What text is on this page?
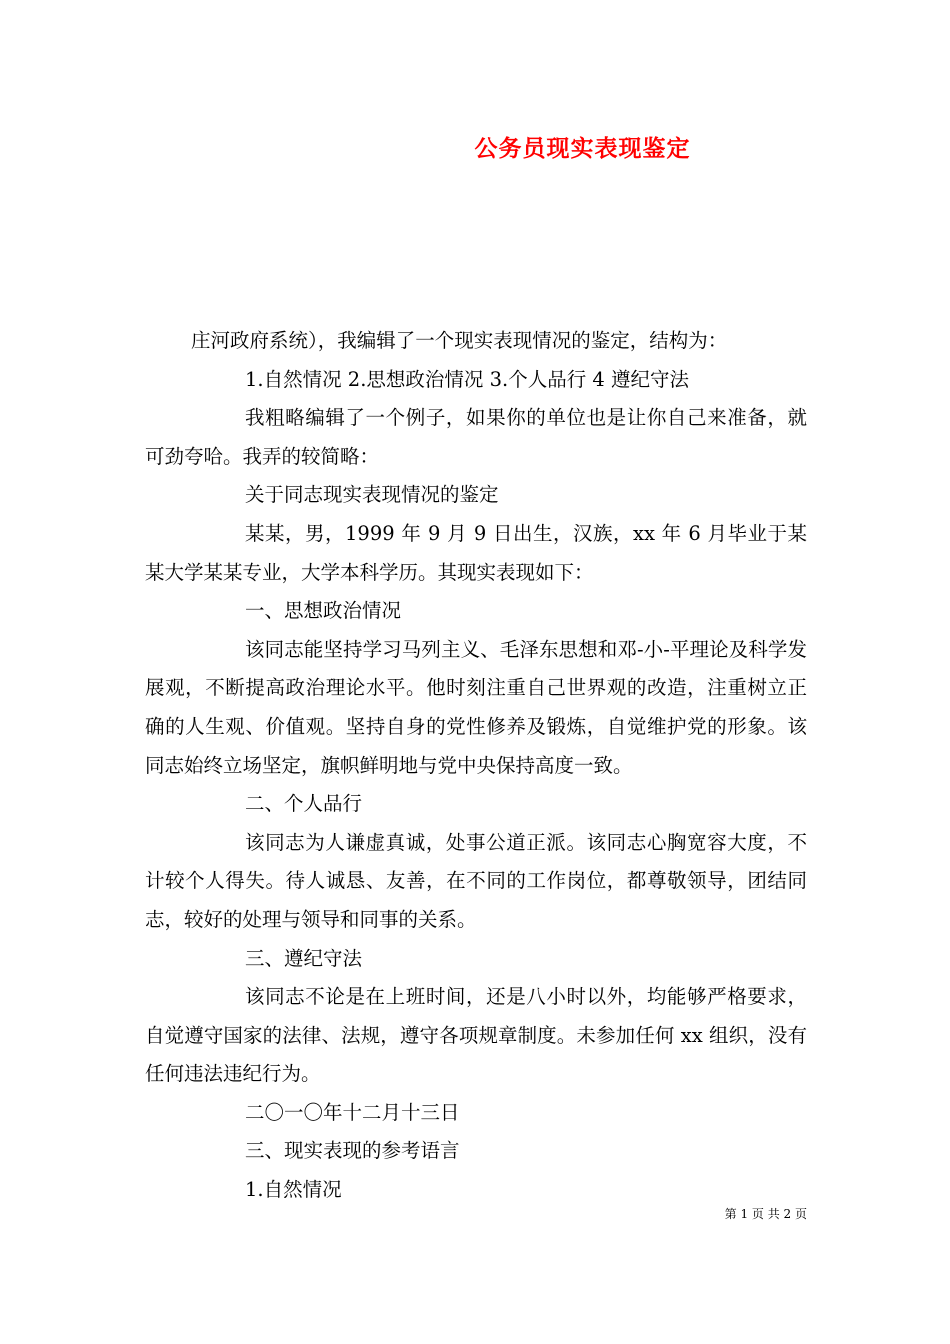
公务员现实表现鉴定

庄河政府系统），我编辑了一个现实表现情况的鉴定，结构为：

1.自然情况 2.思想政治情况 3.个人品行 4 遵纪守法

我粗略编辑了一个例子，如果你的单位也是让你自己来准备，就可劲夸哈。我弄的较简略：

关于同志现实表现情况的鉴定

某某，男，1999 年 9 月 9 日出生，汉族，xx 年 6 月毕业于某某大学某某专业，大学本科学历。其现实表现如下：

一、思想政治情况

该同志能坚持学习马列主义、毛泽东思想和邓-小-平理论及科学发展观，不断提高政治理论水平。他时刻注重自己世界观的改造，注重树立正确的人生观、价值观。坚持自身的党性修养及锻炼，自觉维护党的形象。该同志始终立场坚定，旗帜鲜明地与党中央保持高度一致。

二、个人品行

该同志为人谦虚真诚，处事公道正派。该同志心胸宽容大度，不计较个人得失。待人诚恳、友善，在不同的工作岗位，都尊敬领导，团结同志，较好的处理与领导和同事的关系。

三、遵纪守法

该同志不论是在上班时间，还是八小时以外，均能够严格要求，自觉遵守国家的法律、法规，遵守各项规章制度。未参加任何 xx 组织，没有任何违法违纪行为。

二〇一〇年十二月十三日

三、现实表现的参考语言

1.自然情况

第 1 页 共 2 页
